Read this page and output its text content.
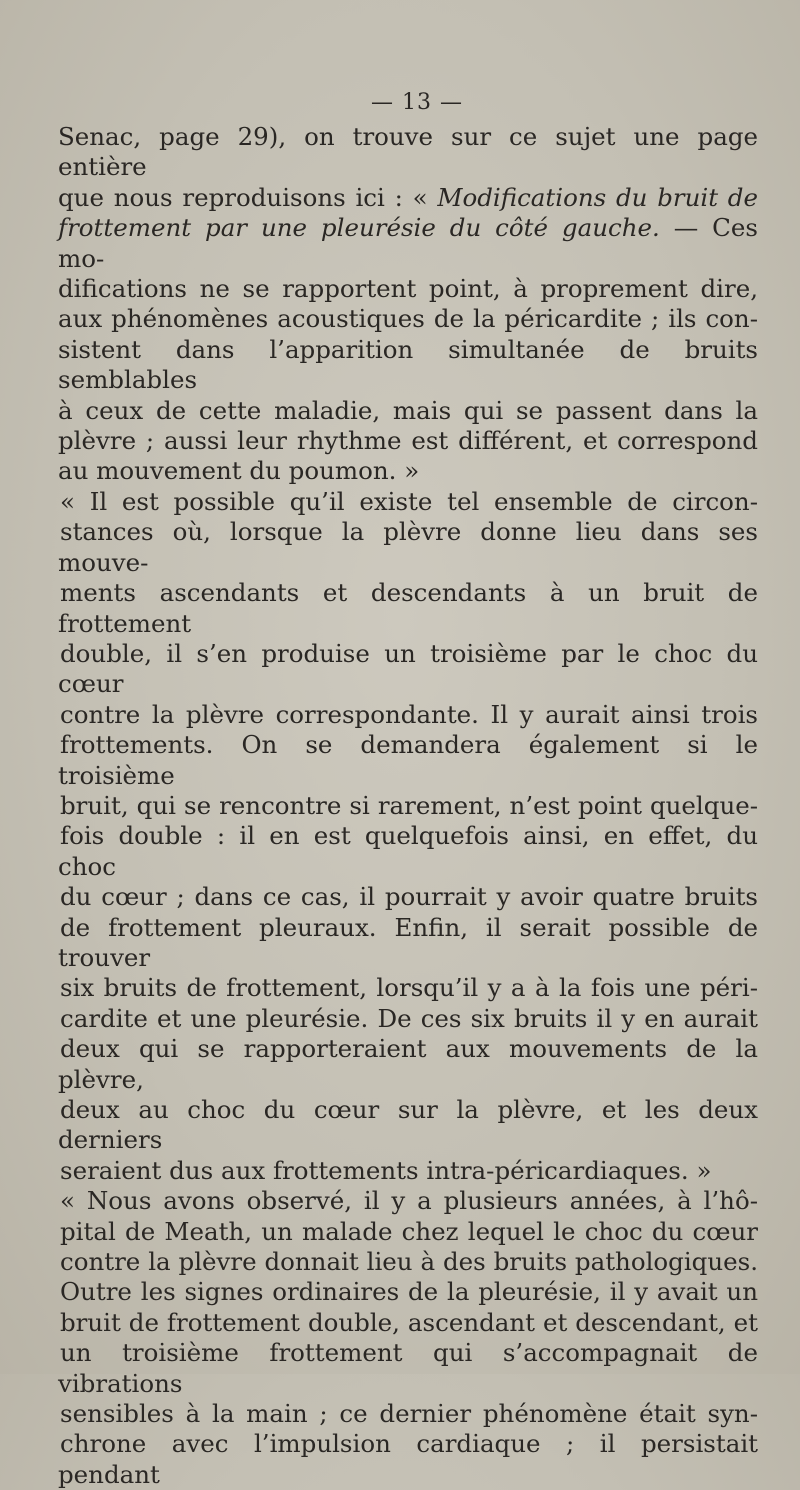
— 13 —
Senac, page 29), on trouve sur ce sujet une page entière
que nous reproduisons ici : « Modifications du bruit de
frottement par une pleurésie du côté gauche. — Ces mo-
difications ne se rapportent point, à proprement dire,
aux phénomènes acoustiques de la péricardite ; ils con-
sistent dans l’apparition simultanée de bruits semblables
à ceux de cette maladie, mais qui se passent dans la
plèvre ; aussi leur rhythme est différent, et correspond
au mouvement du poumon. »
« Il est possible qu’il existe tel ensemble de circon-
stances où, lorsque la plèvre donne lieu dans ses mouve-
ments ascendants et descendants à un bruit de frottement
double, il s’en produise un troisième par le choc du cœur
contre la plèvre correspondante. Il y aurait ainsi trois
frottements. On se demandera également si le troisième
bruit, qui se rencontre si rarement, n’est point quelque-
fois double : il en est quelquefois ainsi, en effet, du choc
du cœur ; dans ce cas, il pourrait y avoir quatre bruits
de frottement pleuraux. Enfin, il serait possible de trouver
six bruits de frottement, lorsqu’il y a à la fois une péri-
cardite et une pleurésie. De ces six bruits il y en aurait
deux qui se rapporteraient aux mouvements de la plèvre,
deux au choc du cœur sur la plèvre, et les deux derniers
seraient dus aux frottements intra-péricardiaques. »
« Nous avons observé, il y a plusieurs années, à l’hô-
pital de Meath, un malade chez lequel le choc du cœur
contre la plèvre donnait lieu à des bruits pathologiques.
Outre les signes ordinaires de la pleurésie, il y avait un
bruit de frottement double, ascendant et descendant, et
un troisième frottement qui s’accompagnait de vibrations
sensibles à la main ; ce dernier phénomène était syn-
chrone avec l’impulsion cardiaque ; il persistait pendant
